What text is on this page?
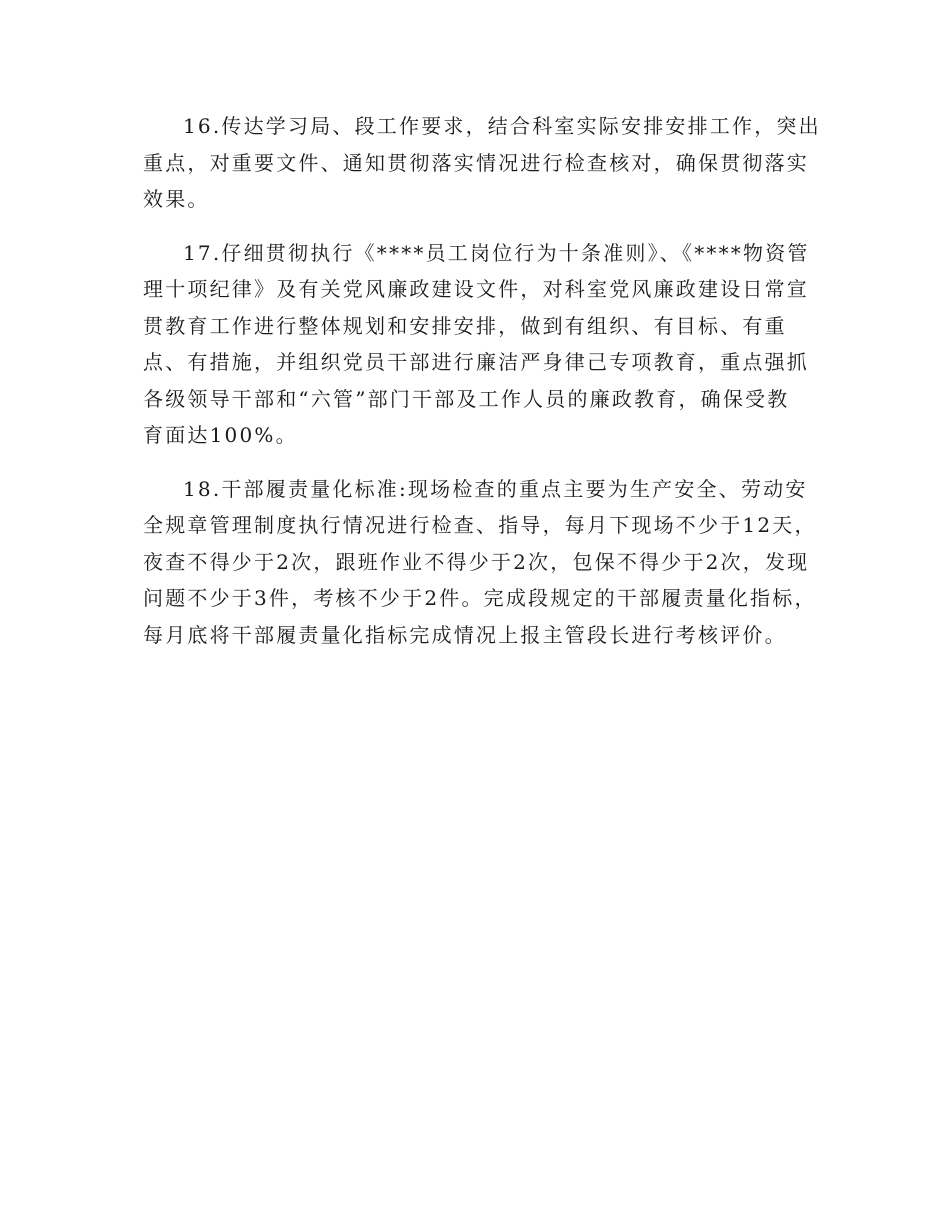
16.传达学习局、段工作要求，结合科室实际安排安排工作，突出
重点，对重要文件、通知贯彻落实情况进行检查核对，确保贯彻落实
效果。
17.仔细贯彻执行《****员工岗位行为十条准则》、《****物资管
理十项纪律》及有关党风廉政建设文件，对科室党风廉政建设日常宣
贯教育工作进行整体规划和安排安排，做到有组织、有目标、有重
点、有措施，并组织党员干部进行廉洁严身律己专项教育，重点强抓
各级领导干部和“六管”部门干部及工作人员的廉政教育，确保受教
育面达100%。
18.干部履责量化标准:现场检查的重点主要为生产安全、劳动安
全规章管理制度执行情况进行检查、指导，每月下现场不少于12天，
夜查不得少于2次，跟班作业不得少于2次，包保不得少于2次，发现
问题不少于3件，考核不少于2件。完成段规定的干部履责量化指标，
每月底将干部履责量化指标完成情况上报主管段长进行考核评价。
